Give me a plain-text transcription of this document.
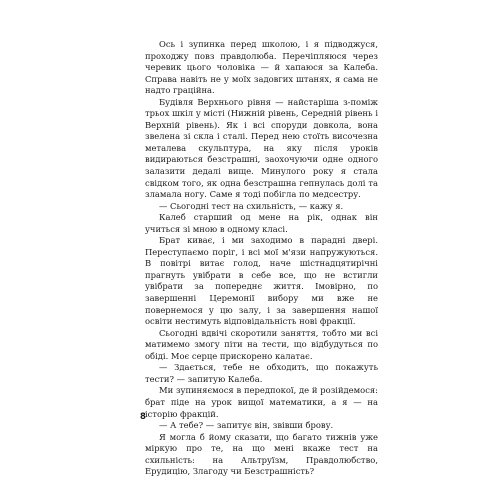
Ось і зупинка перед школою, і я підводжуся, проходжу повз правдолюба. Перечіпляюся через черевик цього чоловіка — й хапаюся за Калеба. Справа навіть не у моїх задовгих штанях, я сама не надто граційна.

Будівля Верхнього рівня — найстаріша з-поміж трьох шкіл у місті (Нижній рівень, Середній рівень і Верхній рівень). Як і всі споруди довкола, вона звелена зі скла і сталі. Перед нею стоїть височезна металева скульптура, на яку після уроків видираються безстрашні, заохочуючи одне одного залазити дедалі вище. Минулого року я стала свідком того, як одна безстрашна гепнулась долі та зламала ногу. Саме я тоді побігла по медсестру.

— Сьогодні тест на схильність, — кажу я.

Калеб старший од мене на рік, однак він учиться зі мною в одному класі.

Брат киває, і ми заходимо в парадні двері. Переступаємо поріг, і всі мої м'язи напружуються. В повітрі витає голод, наче шістнадцятирічні прагнуть увібрати в себе все, що не встигли увібрати за попереднє життя. Імовірно, по завершенні Церемонії вибору ми вже не повернемося у цю залу, і за завершення нашої освіти нестимуть відповідальність нові фракції.

Сьогодні вдвічі скоротили заняття, тобто ми всі матимемо змогу піти на тести, що відбудуться по обіді. Моє серце прискорено калатає.

— Здається, тебе не обходить, що покажуть тести? — запитую Калеба.

Ми зупиняємося в передпокої, де й розійдемося: брат піде на урок вищої математики, а я — на історію фракцій.

— А тебе? — запитує він, звівши брову.

Я могла б йому сказати, що багато тижнів уже міркую про те, на що мені вкаже тест на схильність: на Альтруїзм, Правдолюбство, Ерудицію, Злагоду чи Безстрашність?

8
